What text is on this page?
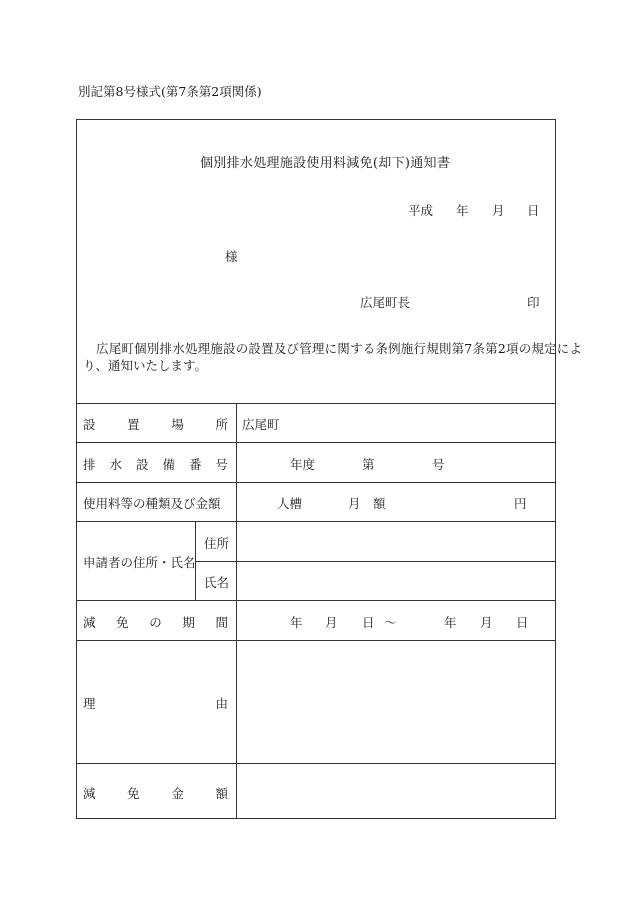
別記第8号様式(第7条第2項関係)
個別排水処理施設使用料減免(却下)通知書
平成 年 月 日
様
広尾町長	印
広尾町個別排水処理施設の設置及び管理に関する条例施行規則第7条第2項の規定によ
り、通知いたします。
設	置	場	所 広尾町
排 水 設 備 番 号	年度	第	号
使用料等の種類及び金額	人槽	月 額	円
申請者の住所・氏名
住所
氏名
減 免 の 期 間	年 月 日 〜	年 月 日
理	由
減	免	金	額
